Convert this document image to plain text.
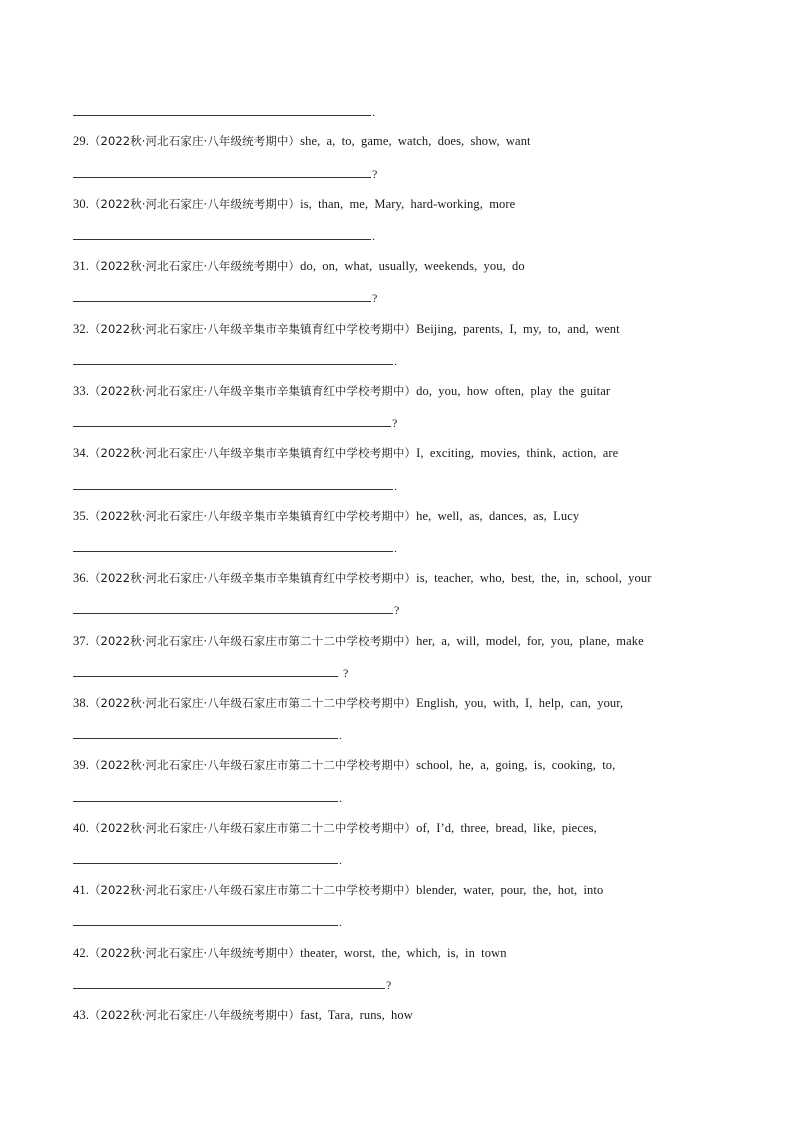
.
29.（2022秋·河北石家庄·八年级统考期中）she, a, to, game, watch, does, show, want
?
30.（2022秋·河北石家庄·八年级统考期中）is, than, me, Mary, hard-working, more
.
31.（2022秋·河北石家庄·八年级统考期中）do, on, what, usually, weekends, you, do
?
32.（2022秋·河北石家庄·八年级辛集市辛集镇育红中学校考期中）Beijing, parents, I, my, to, and, went
.
33.（2022秋·河北石家庄·八年级辛集市辛集镇育红中学校考期中）do, you, how often, play the guitar
?
34.（2022秋·河北石家庄·八年级辛集市辛集镇育红中学校考期中）I, exciting, movies, think, action, are
.
35.（2022秋·河北石家庄·八年级辛集市辛集镇育红中学校考期中）he, well, as, dances, as, Lucy
.
36.（2022秋·河北石家庄·八年级辛集市辛集镇育红中学校考期中）is, teacher, who, best, the, in, school, your
?
37.（2022秋·河北石家庄·八年级石家庄市第二十二中学校考期中）her, a, will, model, for, you, plane, make
?
38.（2022秋·河北石家庄·八年级石家庄市第二十二中学校考期中）English, you, with, I, help, can, your,
.
39.（2022秋·河北石家庄·八年级石家庄市第二十二中学校考期中）school, he, a, going, is, cooking, to,
.
40.（2022秋·河北石家庄·八年级石家庄市第二十二中学校考期中）of, I’d, three, bread, like, pieces,
.
41.（2022秋·河北石家庄·八年级石家庄市第二十二中学校考期中）blender, water, pour, the, hot, into
.
42.（2022秋·河北石家庄·八年级统考期中）theater, worst, the, which, is, in town
?
43.（2022秋·河北石家庄·八年级统考期中）fast, Tara, runs, how
